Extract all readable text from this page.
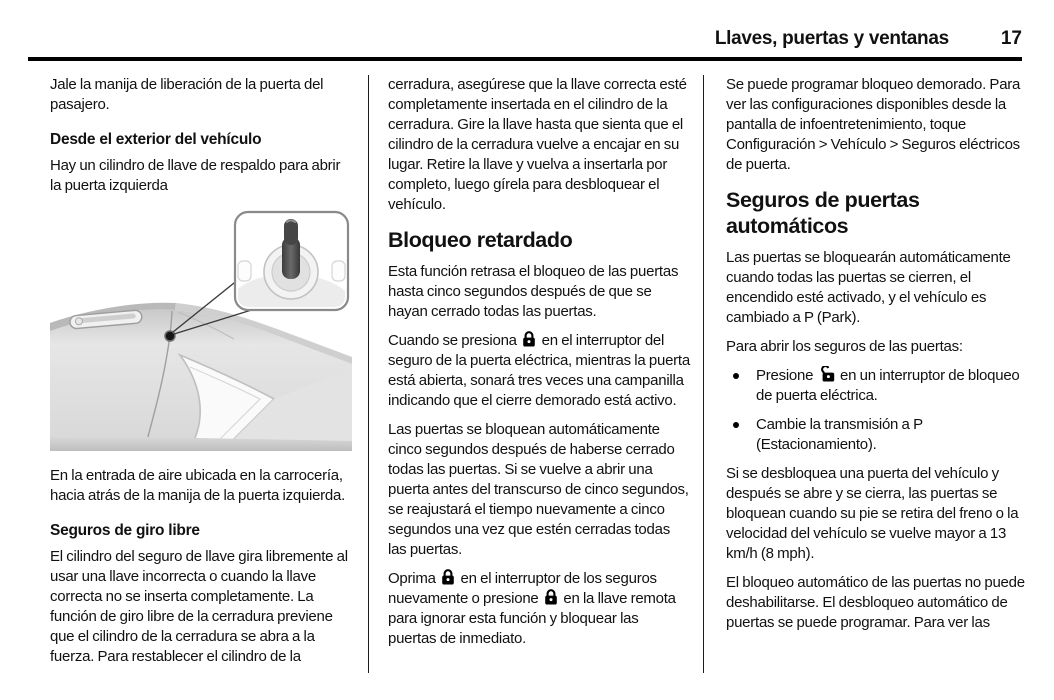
Llaves, puertas y ventanas	17

Jale la manija de liberación de la puerta del pasajero.

Desde el exterior del vehículo

Hay un cilindro de llave de respaldo para abrir la puerta izquierda

En la entrada de aire ubicada en la carrocería, hacia atrás de la manija de la puerta izquierda.

Seguros de giro libre

El cilindro del seguro de llave gira libremente al usar una llave incorrecta o cuando la llave correcta no se inserta completamente. La función de giro libre de la cerradura previene que el cilindro de la cerradura se abra a la fuerza. Para restablecer el cilindro de la

cerradura, asegúrese que la llave correcta esté completamente insertada en el cilindro de la cerradura. Gire la llave hasta que sienta que el cilindro de la cerradura vuelve a encajar en su lugar. Retire la llave y vuelva a insertarla por completo, luego gírela para desbloquear el vehículo.

Bloqueo retardado

Esta función retrasa el bloqueo de las puertas hasta cinco segundos después de que se hayan cerrado todas las puertas.

Cuando se presiona  en el interruptor del seguro de la puerta eléctrica, mientras la puerta está abierta, sonará tres veces una campanilla indicando que el cierre demorado está activo.

Las puertas se bloquean automáticamente cinco segundos después de haberse cerrado todas las puertas. Si se vuelve a abrir una puerta antes del transcurso de cinco segundos, se reajustará el tiempo nuevamente a cinco segundos una vez que estén cerradas todas las puertas.

Oprima  en el interruptor de los seguros nuevamente o presione  en la llave remota para ignorar esta función y bloquear las puertas de inmediato.

Se puede programar bloqueo demorado. Para ver las configuraciones disponibles desde la pantalla de infoentretenimiento, toque Configuración > Vehículo > Seguros eléctricos de puerta.

Seguros de puertas automáticos

Las puertas se bloquearán automáticamente cuando todas las puertas se cierren, el encendido esté activado, y el vehículo es cambiado a P (Park).

Para abrir los seguros de las puertas:

Presione  en un interruptor de bloqueo de puerta eléctrica.
Cambie la transmisión a P (Estacionamiento).

Si se desbloquea una puerta del vehículo y después se abre y se cierra, las puertas se bloquean cuando su pie se retira del freno o la velocidad del vehículo se vuelve mayor a 13 km/h (8 mph).

El bloqueo automático de las puertas no puede deshabilitarse. El desbloqueo automático de puertas se puede programar. Para ver las
